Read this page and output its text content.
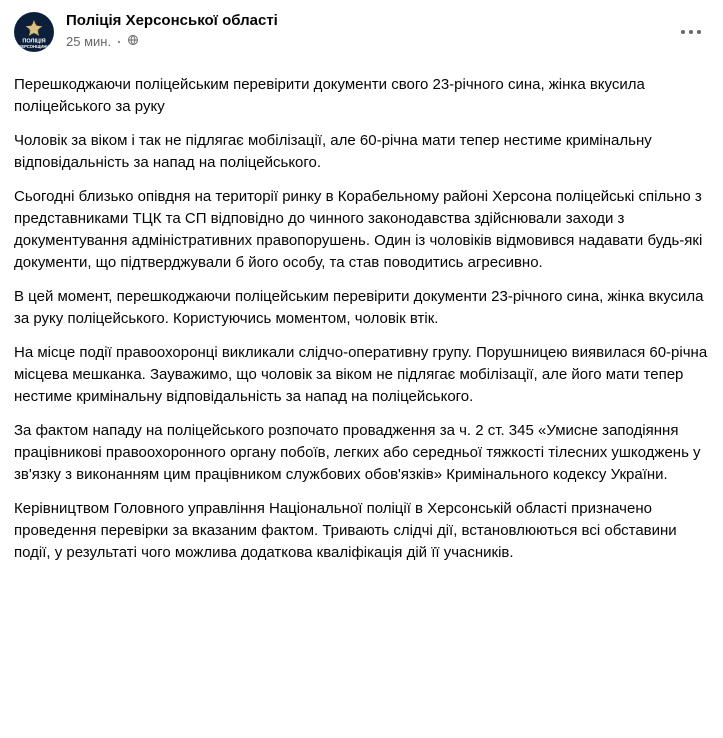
ПОЛІЦІЯ
ХЕРСОНЩИНИ
Поліція Херсонської області
25 мин.

Перешкоджаючи поліцейським перевірити документи свого 23-річного сина, жінка вкусила поліцейського за руку

Чоловік за віком і так не підлягає мобілізації, але 60-річна мати тепер нестиме кримінальну відповідальність за напад на поліцейського.

Сьогодні близько опівдня на території ринку в Корабельному районі Херсона поліцейські спільно з представниками ТЦК та СП відповідно до чинного законодавства здійснювали заходи з документування адміністративних правопорушень. Один із чоловіків відмовився надавати будь-які документи, що підтверджували б його особу, та став поводитись агресивно.

В цей момент, перешкоджаючи поліцейським перевірити документи 23-річного сина, жінка вкусила за руку поліцейського. Користуючись моментом, чоловік втік.

На місце події правоохоронці викликали слідчо-оперативну групу. Порушницею виявилася 60-річна місцева мешканка. Зауважимо, що чоловік за віком не підлягає мобілізації, але його мати тепер нестиме кримінальну відповідальність за напад на поліцейського.

За фактом нападу на поліцейського розпочато провадження за ч. 2 ст. 345 «Умисне заподіяння працівникові правоохоронного органу побоїв, легких або середньої тяжкості тілесних ушкоджень у зв'язку з виконанням цим працівником службових обов'язків» Кримінального кодексу України.

Керівництвом Головного управління Національної поліції в Херсонській області призначено проведення перевірки за вказаним фактом. Тривають слідчі дії, встановлюються всі обставини події, у результаті чого можлива додаткова кваліфікація дій її учасників.
